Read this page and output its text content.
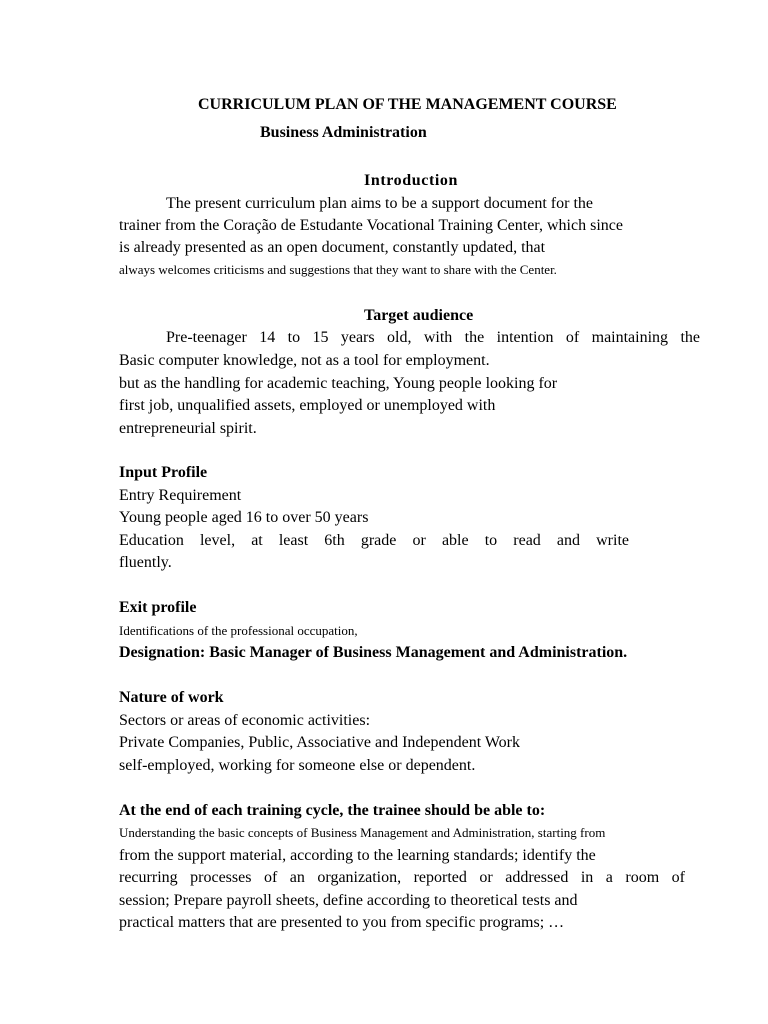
CURRICULUM PLAN OF THE MANAGEMENT COURSE
Business Administration
Introduction
The present curriculum plan aims to be a support document for the
trainer from the Coração de Estudante Vocational Training Center, which since
is already presented as an open document, constantly updated, that
always welcomes criticisms and suggestions that they want to share with the Center.
Target audience
Pre-teenager 14 to 15 years old, with the intention of maintaining the
Basic computer knowledge, not as a tool for employment.
but as the handling for academic teaching, Young people looking for
first job, unqualified assets, employed or unemployed with
entrepreneurial spirit.
Input Profile
Entry Requirement
Young people aged 16 to over 50 years
Education level, at least 6th grade or able to read and write
fluently.
Exit profile
Identifications of the professional occupation,
Designation: Basic Manager of Business Management and Administration.
Nature of work
Sectors or areas of economic activities:
Private Companies, Public, Associative and Independent Work
self-employed, working for someone else or dependent.
At the end of each training cycle, the trainee should be able to:
Understanding the basic concepts of Business Management and Administration, starting from
from the support material, according to the learning standards; identify the
recurring processes of an organization, reported or addressed in a room of
session; Prepare payroll sheets, define according to theoretical tests and
practical matters that are presented to you from specific programs; …
